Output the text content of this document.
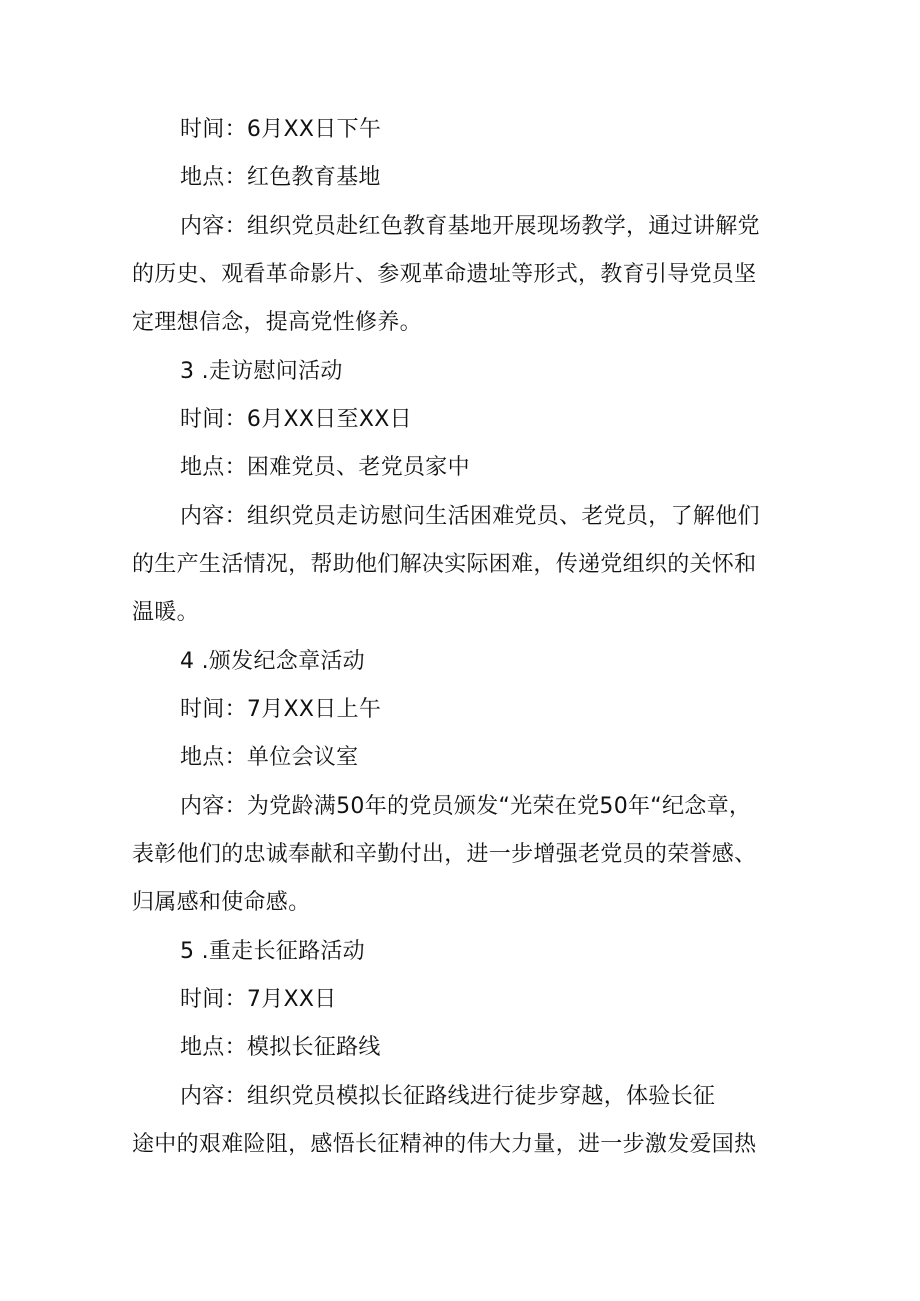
时间：6月XX日下午
地点：红色教育基地
内容：组织党员赴红色教育基地开展现场教学，通过讲解党
的历史、观看革命影片、参观革命遗址等形式，教育引导党员坚
定理想信念，提高党性修养。
3 .走访慰问活动
时间：6月XX日至XX日
地点：困难党员、老党员家中
内容：组织党员走访慰问生活困难党员、老党员，了解他们
的生产生活情况，帮助他们解决实际困难，传递党组织的关怀和
温暖。
4 .颁发纪念章活动
时间：7月XX日上午
地点：单位会议室
内容：为党龄满50年的党员颁发“光荣在党50年“纪念章，
表彰他们的忠诚奉献和辛勤付出，进一步增强老党员的荣誉感、
归属感和使命感。
5 .重走长征路活动
时间：7月XX日
地点：模拟长征路线
内容：组织党员模拟长征路线进行徒步穿越，体验长征
途中的艰难险阻，感悟长征精神的伟大力量，进一步激发爱国热
